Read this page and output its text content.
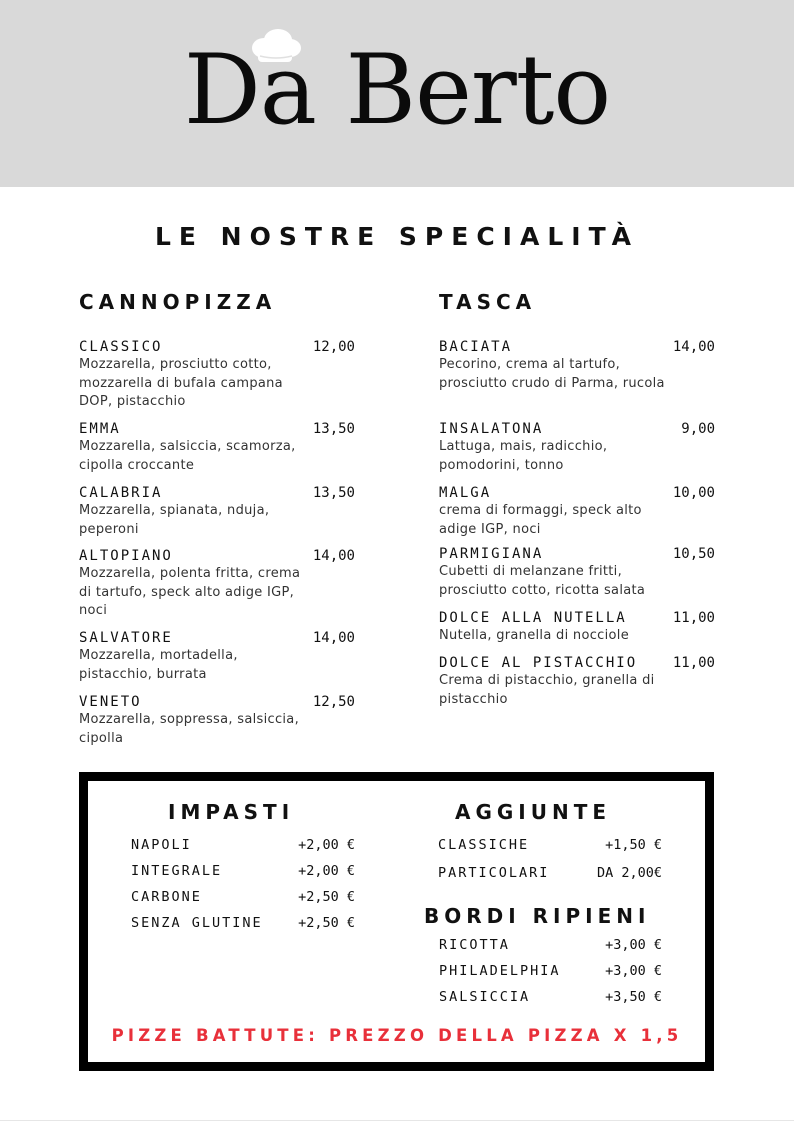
Da Berto
LE NOSTRE SPECIALITÀ
CANNOPIZZA
CLASSICO	12,00
Mozzarella, prosciutto cotto, mozzarella di bufala campana DOP, pistacchio
EMMA	13,50
Mozzarella, salsiccia, scamorza, cipolla croccante
CALABRIA	13,50
Mozzarella, spianata, nduja, peperoni
ALTOPIANO	14,00
Mozzarella, polenta fritta, crema di tartufo, speck alto adige IGP, noci
SALVATORE	14,00
Mozzarella, mortadella, pistacchio, burrata
VENETO	12,50
Mozzarella, soppressa, salsiccia, cipolla
TASCA
BACIATA	14,00
Pecorino, crema al tartufo, prosciutto crudo di Parma, rucola
INSALATONA	9,00
Lattuga, mais, radicchio, pomodorini, tonno
MALGA	10,00
crema di formaggi, speck alto adige IGP, noci
PARMIGIANA	10,50
Cubetti di melanzane fritti, prosciutto cotto, ricotta salata
DOLCE ALLA NUTELLA	11,00
Nutella, granella di nocciole
DOLCE AL PISTACCHIO	11,00
Crema di pistacchio, granella di pistacchio
IMPASTI
NAPOLI	+2,00 €
INTEGRALE	+2,00 €
CARBONE	+2,50 €
SENZA GLUTINE	+2,50 €
AGGIUNTE
CLASSICHE	+1,50 €
PARTICOLARI	DA 2,00€
BORDI RIPIENI
RICOTTA	+3,00 €
PHILADELPHIA	+3,00 €
SALSICCIA	+3,50 €
PIZZE BATTUTE: PREZZO DELLA PIZZA X 1,5
